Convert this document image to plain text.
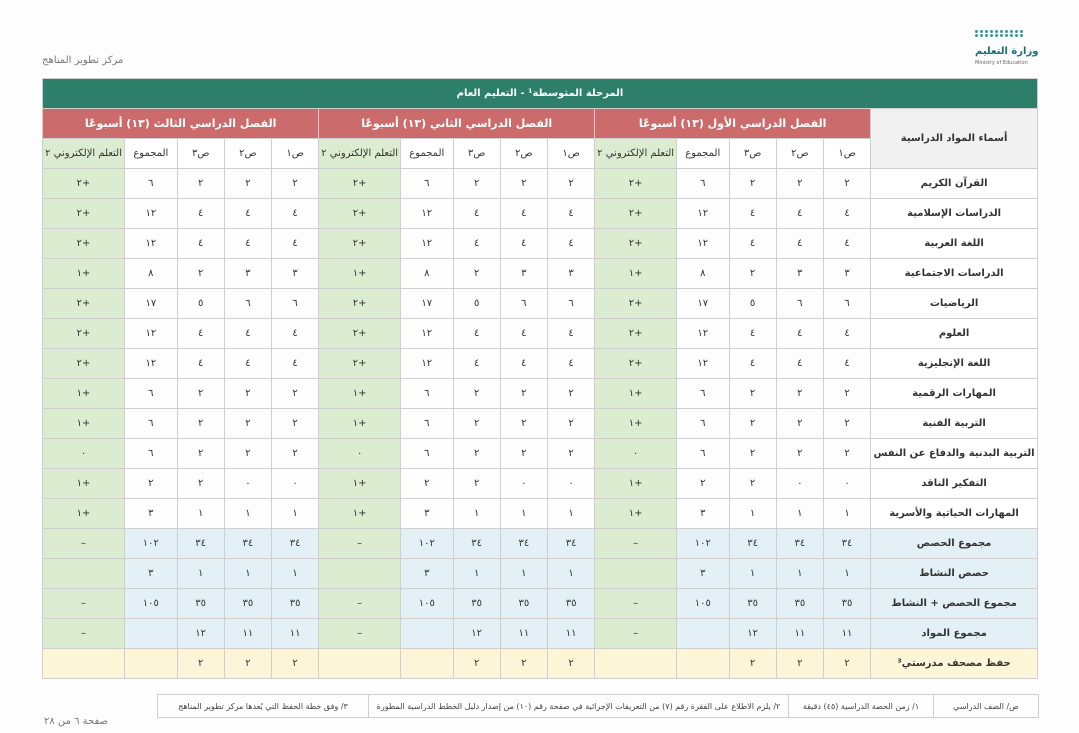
مركز تطوير المناهج
وزارة التعليم
Ministry of Education
المرحلة المتوسطة¹ - التعليم العام															
أسماء المواد الدراسية	الفصل الدراسي الأول (١٣) أسبوعًا					الفصل الدراسي الثاني (١٣) أسبوعًا					الفصل الدراسي الثالث (١٣) أسبوعًا				
	ص١	ص٢	ص٣	المجموع	التعلم الإلكتروني ٢	ص١	ص٢	ص٣	المجموع	التعلم الإلكتروني ٢	ص١	ص٢	ص٣	المجموع	التعلم الإلكتروني ٢
القرآن الكريم	٢	٢	٢	٦	+٢	٢	٢	٢	٦	+٢	٢	٢	٢	٦	+٢
الدراسات الإسلامية	٤	٤	٤	١٢	+٢	٤	٤	٤	١٢	+٢	٤	٤	٤	١٢	+٢
اللغة العربية	٤	٤	٤	١٢	+٢	٤	٤	٤	١٢	+٢	٤	٤	٤	١٢	+٢
الدراسات الاجتماعية	٣	٣	٢	٨	+١	٣	٣	٢	٨	+١	٣	٣	٢	٨	+١
الرياضيات	٦	٦	٥	١٧	+٢	٦	٦	٥	١٧	+٢	٦	٦	٥	١٧	+٢
العلوم	٤	٤	٤	١٢	+٢	٤	٤	٤	١٢	+٢	٤	٤	٤	١٢	+٢
اللغة الإنجليزية	٤	٤	٤	١٢	+٢	٤	٤	٤	١٢	+٢	٤	٤	٤	١٢	+٢
المهارات الرقمية	٢	٢	٢	٦	+١	٢	٢	٢	٦	+١	٢	٢	٢	٦	+١
التربية الفنية	٢	٢	٢	٦	+١	٢	٢	٢	٦	+١	٢	٢	٢	٦	+١
التربية البدنية والدفاع عن النفس	٢	٢	٢	٦	٠	٢	٢	٢	٦	٠	٢	٢	٢	٦	٠
التفكير الناقد	٠	٠	٢	٢	+١	٠	٠	٢	٢	+١	٠	٠	٢	٢	+١
المهارات الحياتية والأسرية	١	١	١	٣	+١	١	١	١	٣	+١	١	١	١	٣	+١
مجموع الحصص	٣٤	٣٤	٣٤	١٠٢	–	٣٤	٣٤	٣٤	١٠٢	–	٣٤	٣٤	٣٤	١٠٢	–
حصص النشاط	١	١	١	٣		١	١	١	٣		١	١	١	٣	
مجموع الحصص + النشاط	٣٥	٣٥	٣٥	١٠٥	–	٣٥	٣٥	٣٥	١٠٥	–	٣٥	٣٥	٣٥	١٠٥	–
مجموع المواد	١١	١١	١٢		–	١١	١١	١٢		–	١١	١١	١٢		–
حفظ مصحف مدرستي³	٢	٢	٢			٢	٢	٢			٢	٢	٢		
ص/ الصف الدراسي	١/ زمن الحصة الدراسية (٤٥) دقيقة	٢/ يلزم الاطلاع على الفقرة رقم (٧) من التعريفات الإجرائية في صفحة رقم (١٠) من إصدار دليل الخطط الدراسية المطورة	٣/ وفق خطة الحفظ التي يُعدها مركز تطوير المناهج
صفحة ٦ من ٢٨
